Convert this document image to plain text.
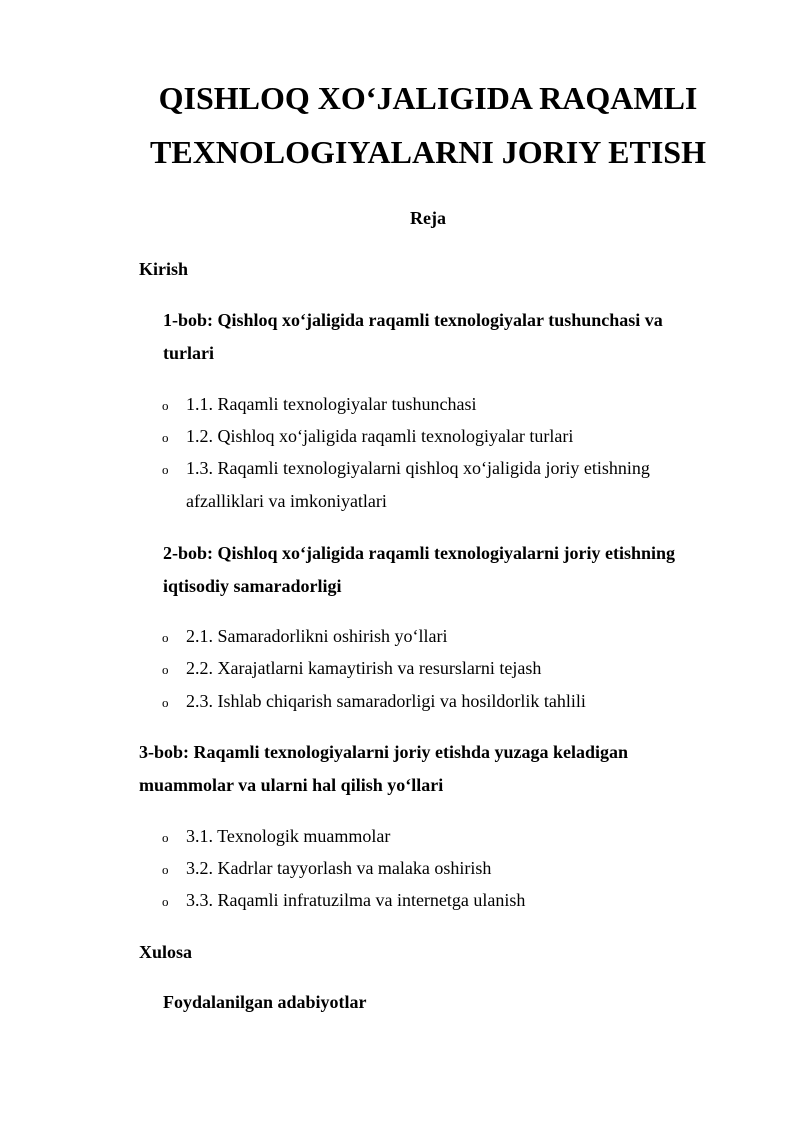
QISHLOQ XO‘JALIGIDA RAQAMLI
TEXNOLOGIYALARNI JORIY ETISH
Reja
Kirish
1-bob: Qishloq xo‘jaligida raqamli texnologiyalar tushunchasi va
turlari
o 1.1. Raqamli texnologiyalar tushunchasi
o 1.2. Qishloq xo‘jaligida raqamli texnologiyalar turlari
o 1.3. Raqamli texnologiyalarni qishloq xo‘jaligida joriy etishning
afzalliklari va imkoniyatlari
2-bob: Qishloq xo‘jaligida raqamli texnologiyalarni joriy etishning
iqtisodiy samaradorligi
o 2.1. Samaradorlikni oshirish yo‘llari
o 2.2. Xarajatlarni kamaytirish va resurslarni tejash
o 2.3. Ishlab chiqarish samaradorligi va hosildorlik tahlili
3-bob: Raqamli texnologiyalarni joriy etishda yuzaga keladigan
muammolar va ularni hal qilish yo‘llari
o 3.1. Texnologik muammolar
o 3.2. Kadrlar tayyorlash va malaka oshirish
o 3.3. Raqamli infratuzilma va internetga ulanish
Xulosa
Foydalanilgan adabiyotlar
